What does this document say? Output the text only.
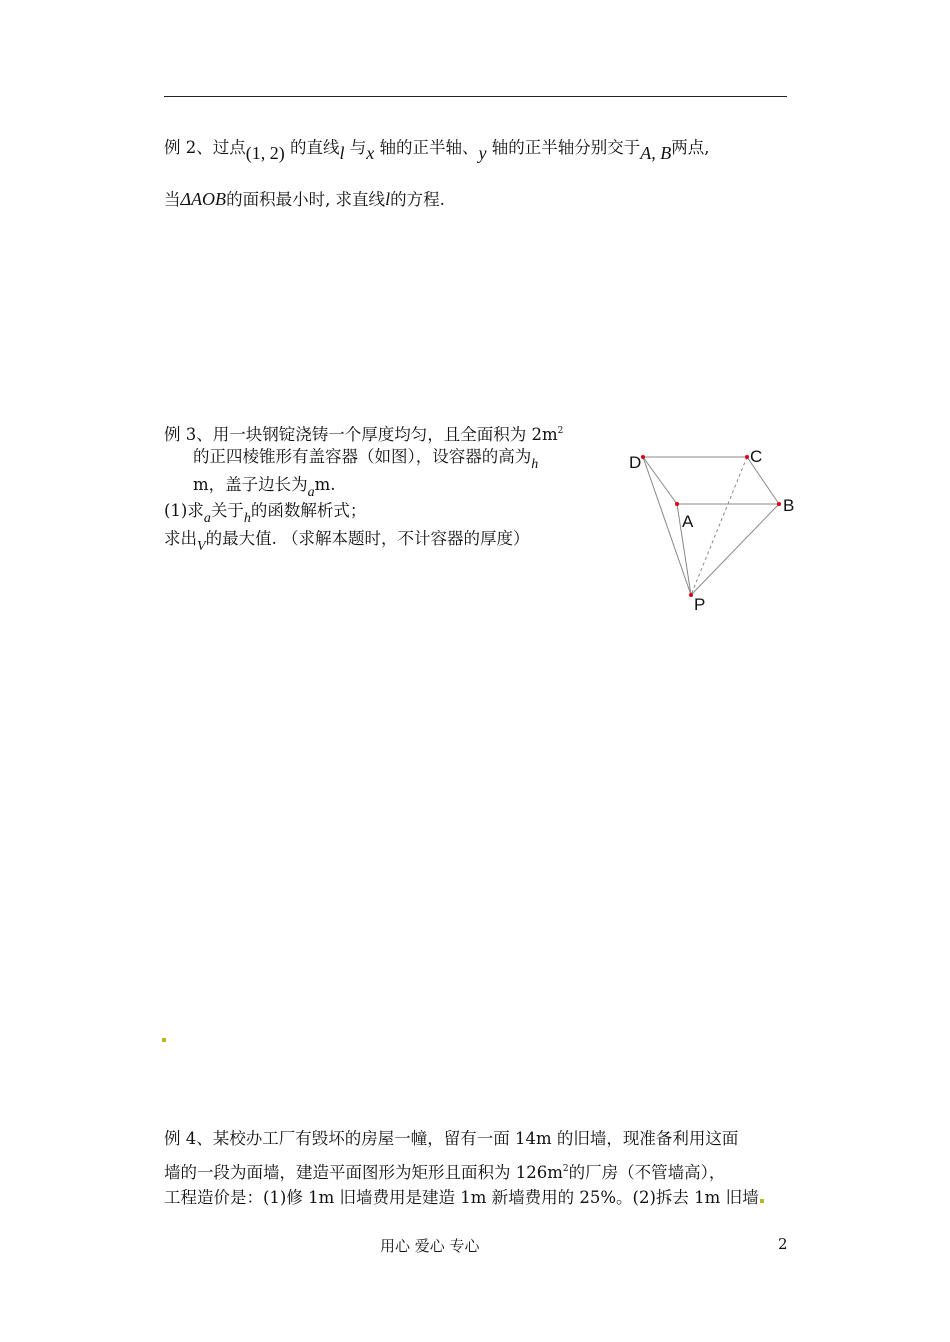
例 2、过点(1, 2) 的直线l 与x 轴的正半轴、y 轴的正半轴分别交于A, B两点,
当ΔAOB的面积最小时, 求直线l的方程.
例 3、用一块钢锭浇铸一个厚度均匀，且全面积为 $2m^2$
的正四棱锥形有盖容器（如图），设容器的高为$_h$
m，盖子边长为$_a$m.
(1)求$_a$关于$_h$的函数解析式；
求出$_V$的最大值. （求解本题时，不计容器的厚度）
D	C
B
A
P
例 4、某校办工厂有毁坏的房屋一幢，留有一面 14m 的旧墙，现准备利用这面
墙的一段为面墙，建造平面图形为矩形且面积为 $126m^2$的厂房（不管墙高），
工程造价是：(1)修 1m 旧墙费用是建造 1m 新墙费用的 25%。(2)拆去 1m 旧墙
用心 爱心 专心	2
